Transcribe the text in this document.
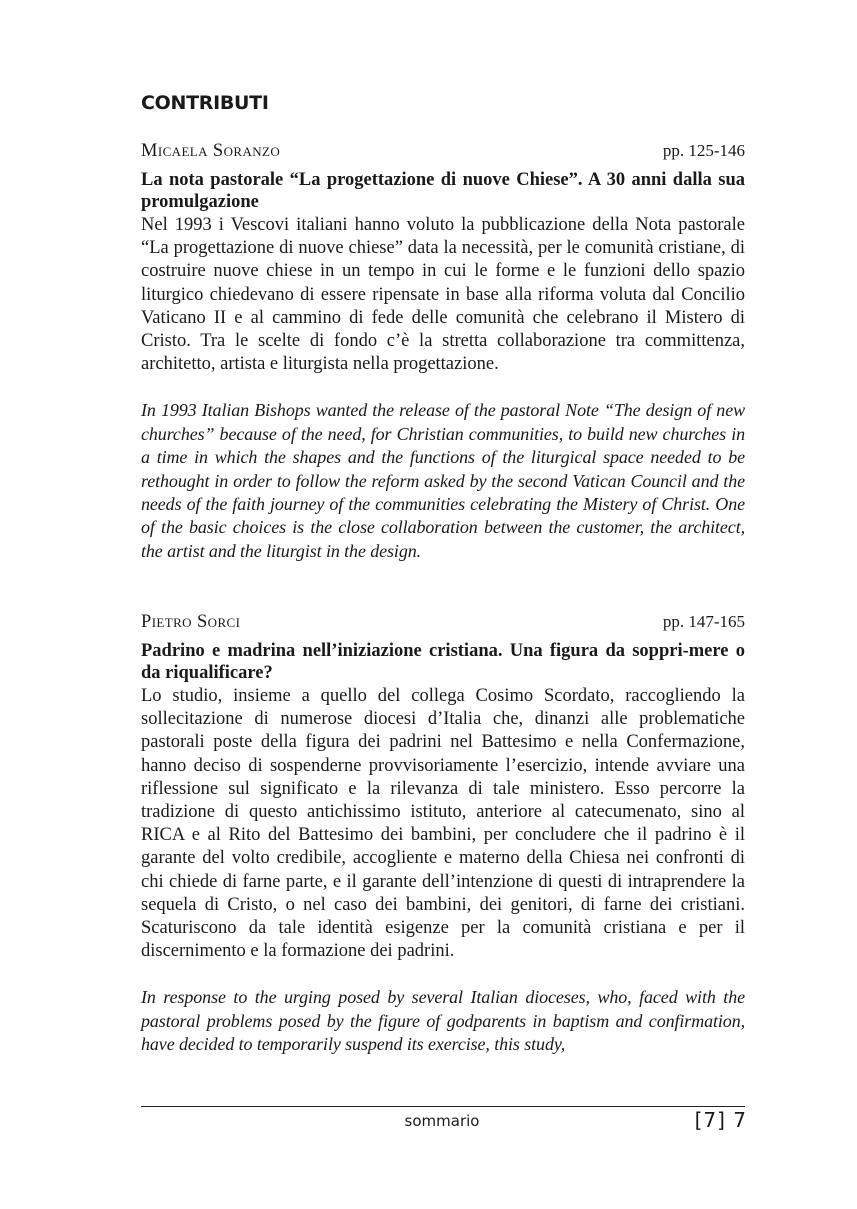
CONTRIBUTI
Micaela Soranzo	pp. 125-146
La nota pastorale “La progettazione di nuove Chiese”. A 30 anni dalla sua promulgazione
Nel 1993 i Vescovi italiani hanno voluto la pubblicazione della Nota pastorale “La progettazione di nuove chiese” data la necessità, per le comunità cristiane, di costruire nuove chiese in un tempo in cui le forme e le funzioni dello spazio liturgico chiedevano di essere ripensate in base alla riforma voluta dal Concilio Vaticano II e al cammino di fede delle comunità che celebrano il Mistero di Cristo. Tra le scelte di fondo c’è la stretta collaborazione tra committenza, architetto, artista e liturgista nella progettazione.
In 1993 Italian Bishops wanted the release of the pastoral Note “The design of new churches” because of the need, for Christian communities, to build new churches in a time in which the shapes and the functions of the liturgical space needed to be rethought in order to follow the reform asked by the second Vatican Council and the needs of the faith journey of the communities celebrating the Mistery of Christ. One of the basic choices is the close collaboration between the customer, the architect, the artist and the liturgist in the design.
Pietro Sorci	pp. 147-165
Padrino e madrina nell’iniziazione cristiana. Una figura da soppri-mere o da riqualificare?
Lo studio, insieme a quello del collega Cosimo Scordato, raccogliendo la sollecitazione di numerose diocesi d’Italia che, dinanzi alle problematiche pastorali poste della figura dei padrini nel Battesimo e nella Confermazione, hanno deciso di sospenderne provvisoriamente l’esercizio, intende avviare una riflessione sul significato e la rilevanza di tale ministero. Esso percorre la tradizione di questo antichissimo istituto, anteriore al catecumenato, sino al RICA e al Rito del Battesimo dei bambini, per concludere che il padrino è il garante del volto credibile, accogliente e materno della Chiesa nei confronti di chi chiede di farne parte, e il garante dell’intenzione di questi di intraprendere la sequela di Cristo, o nel caso dei bambini, dei genitori, di farne dei cristiani. Scaturiscono da tale identità esigenze per la comunità cristiana e per il discernimento e la formazione dei padrini.
In response to the urging posed by several Italian dioceses, who, faced with the pastoral problems posed by the figure of godparents in baptism and confirmation, have decided to temporarily suspend its exercise, this study,
sommario	[7] 7
